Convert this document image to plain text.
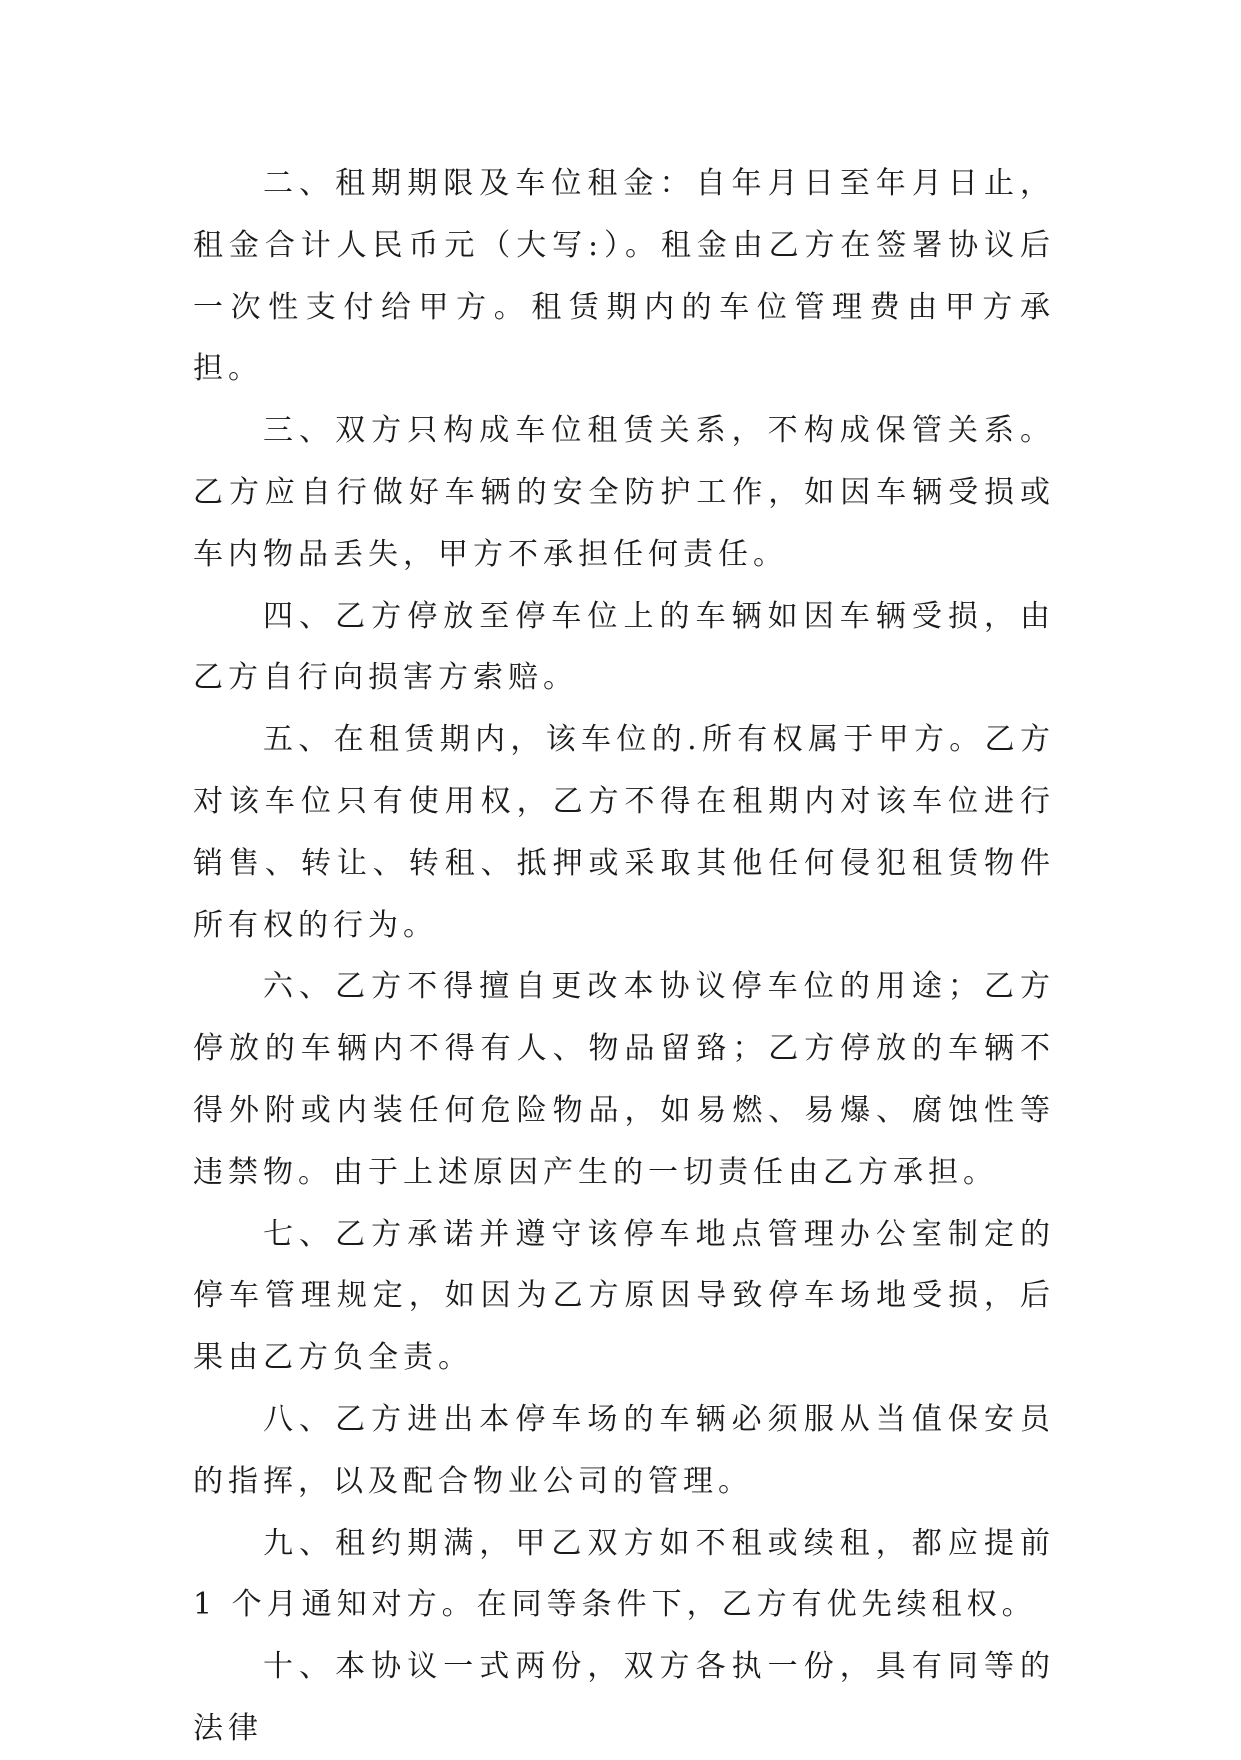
二、租期期限及车位租金：自年月日至年月日止，租金合计人民币元（大写:）。租金由乙方在签署协议后一次性支付给甲方。租赁期内的车位管理费由甲方承担。

三、双方只构成车位租赁关系，不构成保管关系。乙方应自行做好车辆的安全防护工作，如因车辆受损或车内物品丢失，甲方不承担任何责任。

四、乙方停放至停车位上的车辆如因车辆受损，由乙方自行向损害方索赔。

五、在租赁期内，该车位的.所有权属于甲方。乙方对该车位只有使用权，乙方不得在租期内对该车位进行销售、转让、转租、抵押或采取其他任何侵犯租赁物件所有权的行为。

六、乙方不得擅自更改本协议停车位的用途；乙方停放的车辆内不得有人、物品留臵；乙方停放的车辆不得外附或内装任何危险物品，如易燃、易爆、腐蚀性等违禁物。由于上述原因产生的一切责任由乙方承担。

七、乙方承诺并遵守该停车地点管理办公室制定的停车管理规定，如因为乙方原因导致停车场地受损，后果由乙方负全责。

八、乙方进出本停车场的车辆必须服从当值保安员的指挥，以及配合物业公司的管理。

九、租约期满，甲乙双方如不租或续租，都应提前 1 个月通知对方。在同等条件下，乙方有优先续租权。

十、本协议一式两份，双方各执一份，具有同等的法律
